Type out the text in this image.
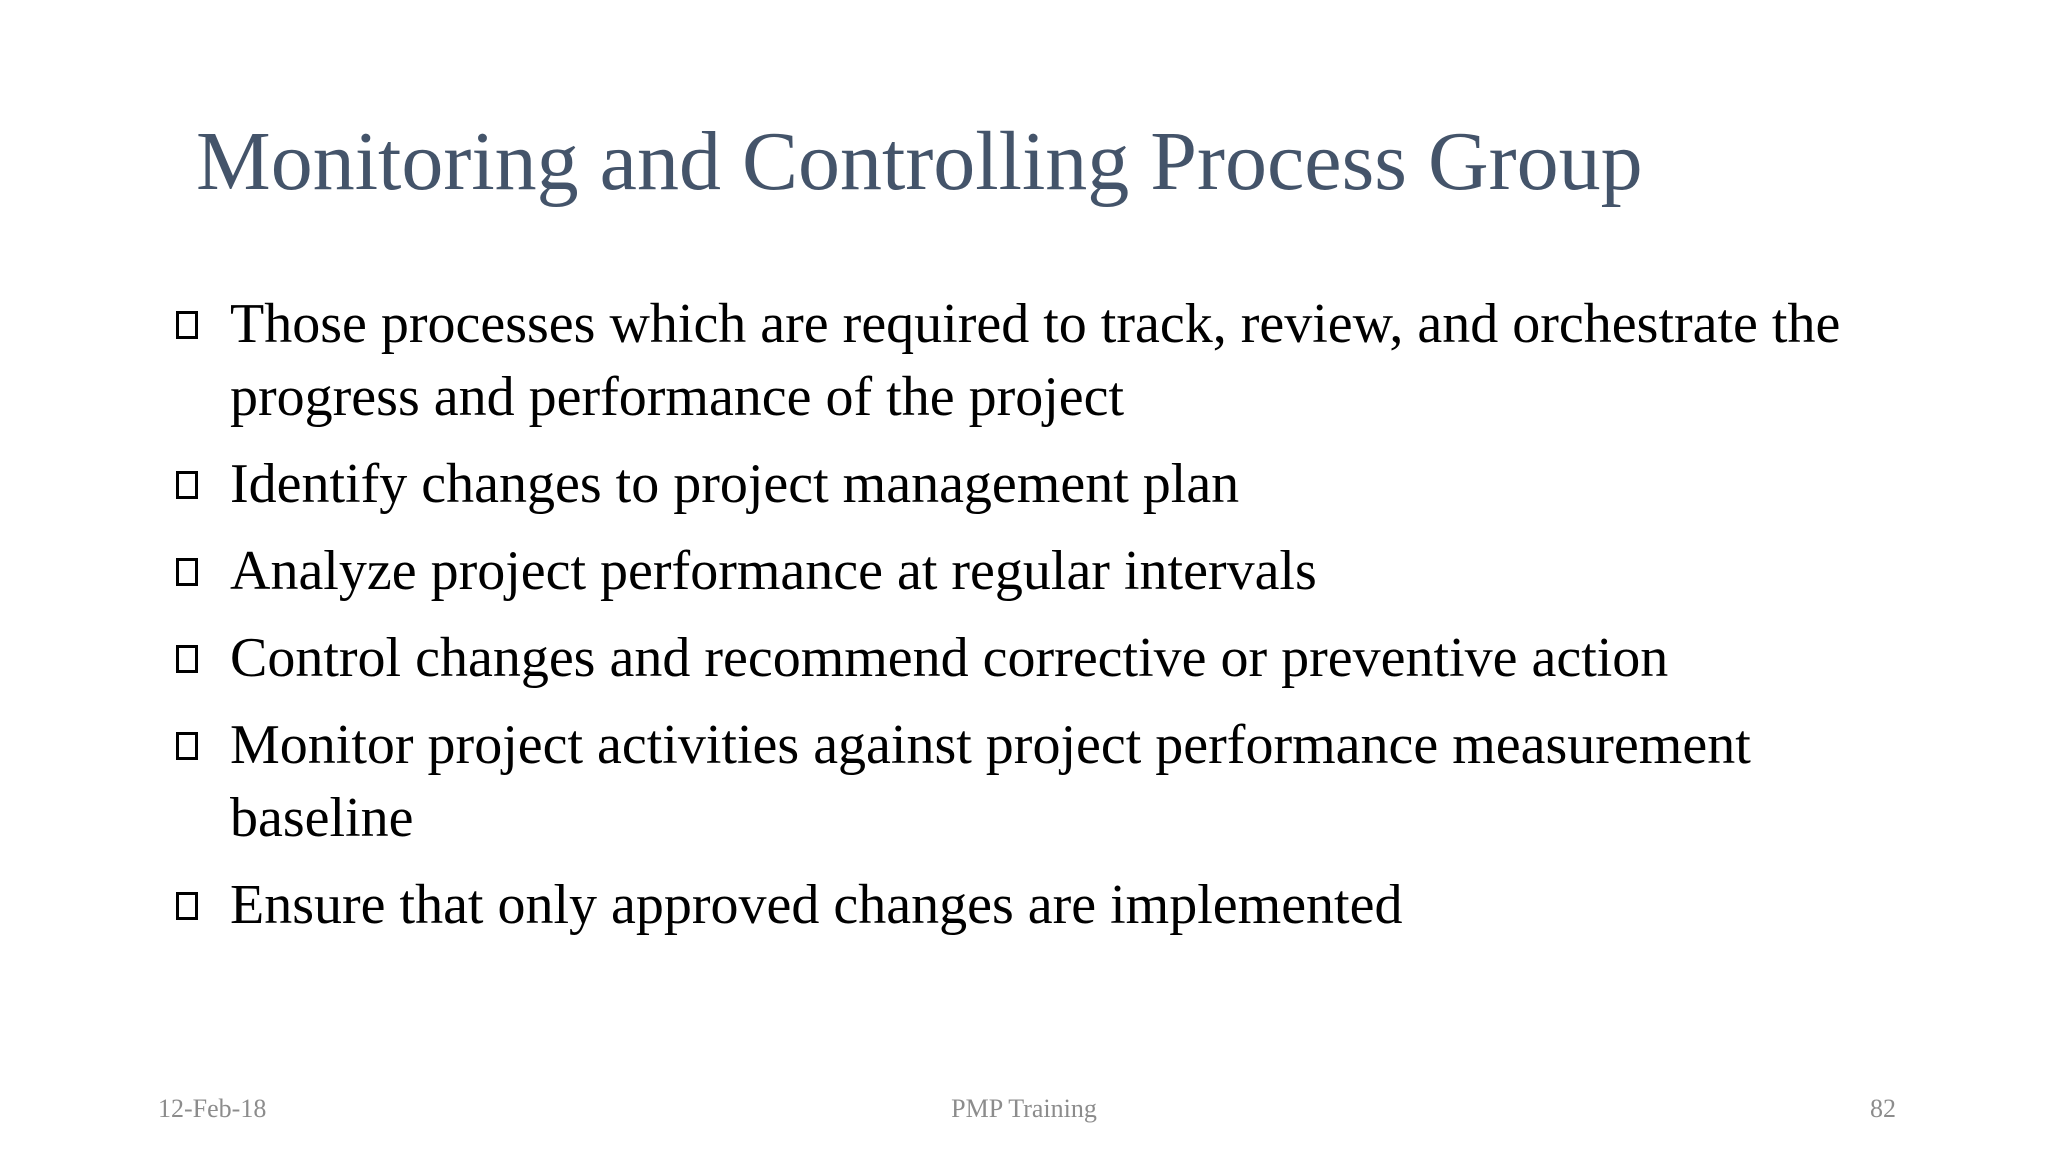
Monitoring and Controlling Process Group
Those processes which are required to track, review, and orchestrate the progress and performance of the project
Identify changes to project management plan
Analyze project performance at regular intervals
Control changes and recommend corrective or preventive action
Monitor project activities against project performance measurement baseline
Ensure that only approved changes are implemented
12-Feb-18	PMP Training	82
